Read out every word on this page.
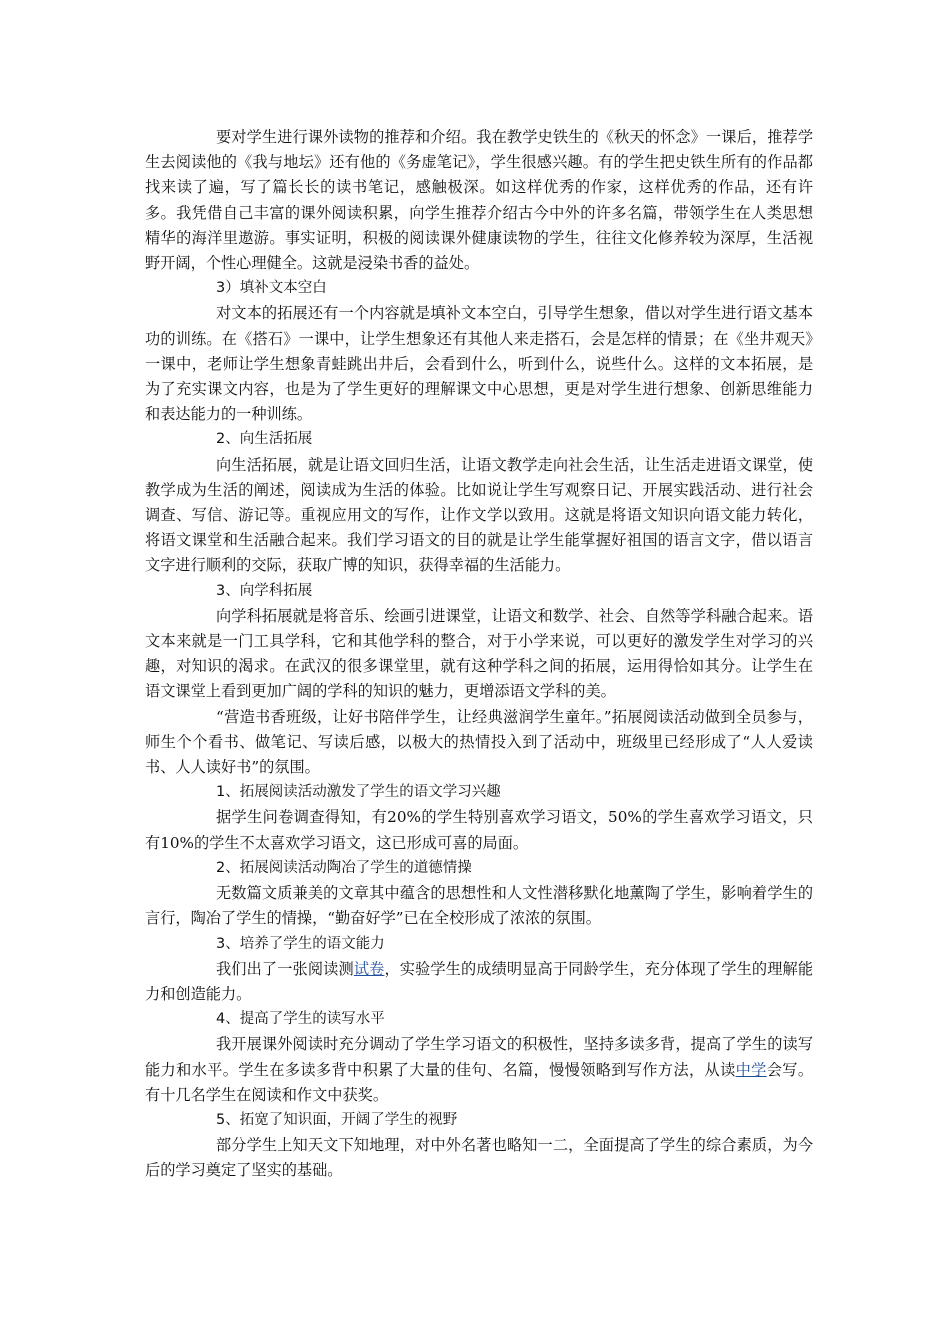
要对学生进行课外读物的推荐和介绍。我在教学史铁生的《秋天的怀念》一课后，推荐学生去阅读他的《我与地坛》还有他的《务虚笔记》，学生很感兴趣。有的学生把史铁生所有的作品都找来读了遍，写了篇长长的读书笔记，感触极深。如这样优秀的作家，这样优秀的作品，还有许多。我凭借自己丰富的课外阅读积累，向学生推荐介绍古今中外的许多名篇，带领学生在人类思想精华的海洋里遨游。事实证明，积极的阅读课外健康读物的学生，往往文化修养较为深厚，生活视野开阔，个性心理健全。这就是浸染书香的益处。

3）填补文本空白

对文本的拓展还有一个内容就是填补文本空白，引导学生想象，借以对学生进行语文基本功的训练。在《搭石》一课中，让学生想象还有其他人来走搭石，会是怎样的情景；在《坐井观天》一课中，老师让学生想象青蛙跳出井后，会看到什么，听到什么，说些什么。这样的文本拓展，是为了充实课文内容，也是为了学生更好的理解课文中心思想，更是对学生进行想象、创新思维能力和表达能力的一种训练。

2、向生活拓展

向生活拓展，就是让语文回归生活，让语文教学走向社会生活，让生活走进语文课堂，使教学成为生活的阐述，阅读成为生活的体验。比如说让学生写观察日记、开展实践活动、进行社会调查、写信、游记等。重视应用文的写作，让作文学以致用。这就是将语文知识向语文能力转化，将语文课堂和生活融合起来。我们学习语文的目的就是让学生能掌握好祖国的语言文字，借以语言文字进行顺利的交际，获取广博的知识，获得幸福的生活能力。

3、向学科拓展

向学科拓展就是将音乐、绘画引进课堂，让语文和数学、社会、自然等学科融合起来。语文本来就是一门工具学科，它和其他学科的整合，对于小学来说，可以更好的激发学生对学习的兴趣，对知识的渴求。在武汉的很多课堂里，就有这种学科之间的拓展，运用得恰如其分。让学生在语文课堂上看到更加广阔的学科的知识的魅力，更增添语文学科的美。

“营造书香班级，让好书陪伴学生，让经典滋润学生童年。”拓展阅读活动做到全员参与，师生个个看书、做笔记、写读后感，以极大的热情投入到了活动中，班级里已经形成了“人人爱读书、人人读好书”的氛围。

1、拓展阅读活动激发了学生的语文学习兴趣

据学生问卷调查得知，有20%的学生特别喜欢学习语文，50%的学生喜欢学习语文，只有10%的学生不太喜欢学习语文，这已形成可喜的局面。

2、拓展阅读活动陶冶了学生的道德情操

无数篇文质兼美的文章其中蕴含的思想性和人文性潜移默化地薰陶了学生，影响着学生的言行，陶冶了学生的情操，“勤奋好学”已在全校形成了浓浓的氛围。

3、培养了学生的语文能力

我们出了一张阅读测试卷，实验学生的成绩明显高于同龄学生，充分体现了学生的理解能力和创造能力。

4、提高了学生的读写水平

我开展课外阅读时充分调动了学生学习语文的积极性，坚持多读多背，提高了学生的读写能力和水平。学生在多读多背中积累了大量的佳句、名篇，慢慢领略到写作方法，从读中学会写。有十几名学生在阅读和作文中获奖。

5、拓宽了知识面，开阔了学生的视野

部分学生上知天文下知地理，对中外名著也略知一二，全面提高了学生的综合素质，为今后的学习奠定了坚实的基础。
